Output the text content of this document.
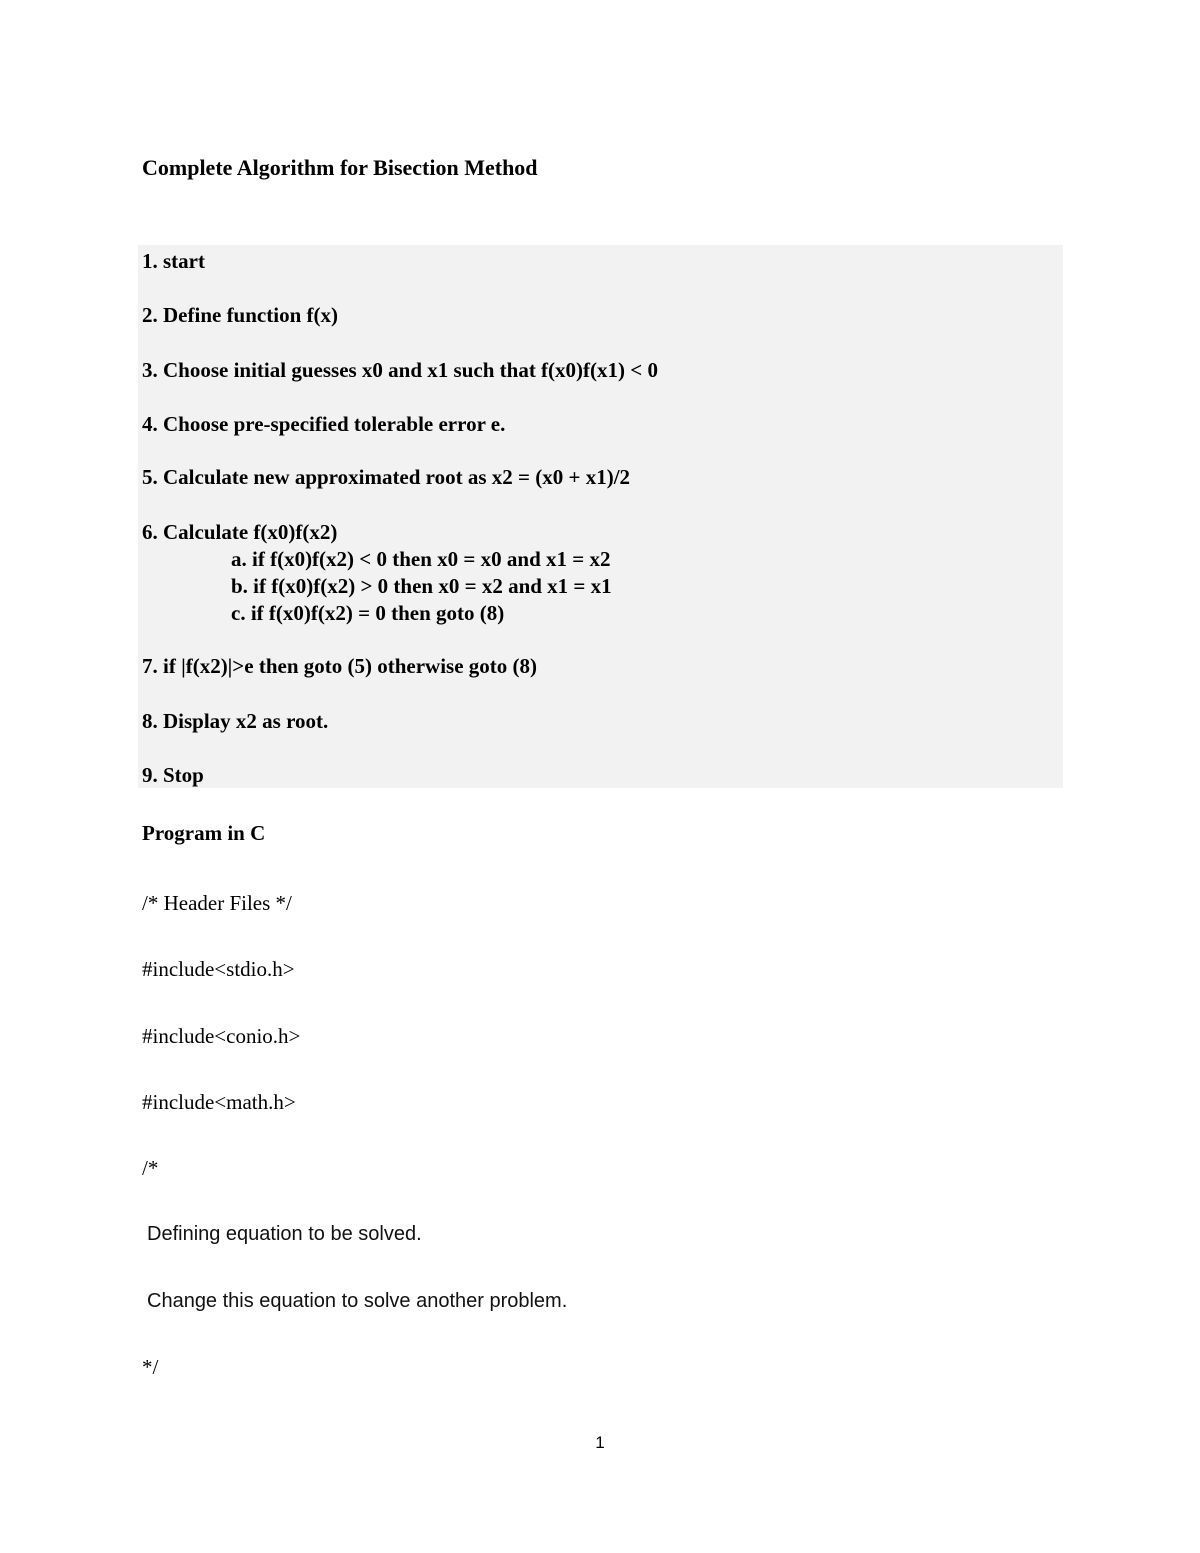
Complete Algorithm for Bisection Method
1. start
2. Define function f(x)
3. Choose initial guesses x0 and x1 such that f(x0)f(x1) < 0
4. Choose pre-specified tolerable error e.
5. Calculate new approximated root as x2 = (x0 + x1)/2
6. Calculate f(x0)f(x2)
a. if f(x0)f(x2) < 0 then x0 = x0 and x1 = x2
b. if f(x0)f(x2) > 0 then x0 = x2 and x1 = x1
c. if f(x0)f(x2) = 0 then goto (8)
7. if |f(x2)|>e then goto (5) otherwise goto (8)
8. Display x2 as root.
9. Stop
Program in C
/* Header Files */
#include<stdio.h>
#include<conio.h>
#include<math.h>
/*
Defining equation to be solved.
Change this equation to solve another problem.
*/
1
